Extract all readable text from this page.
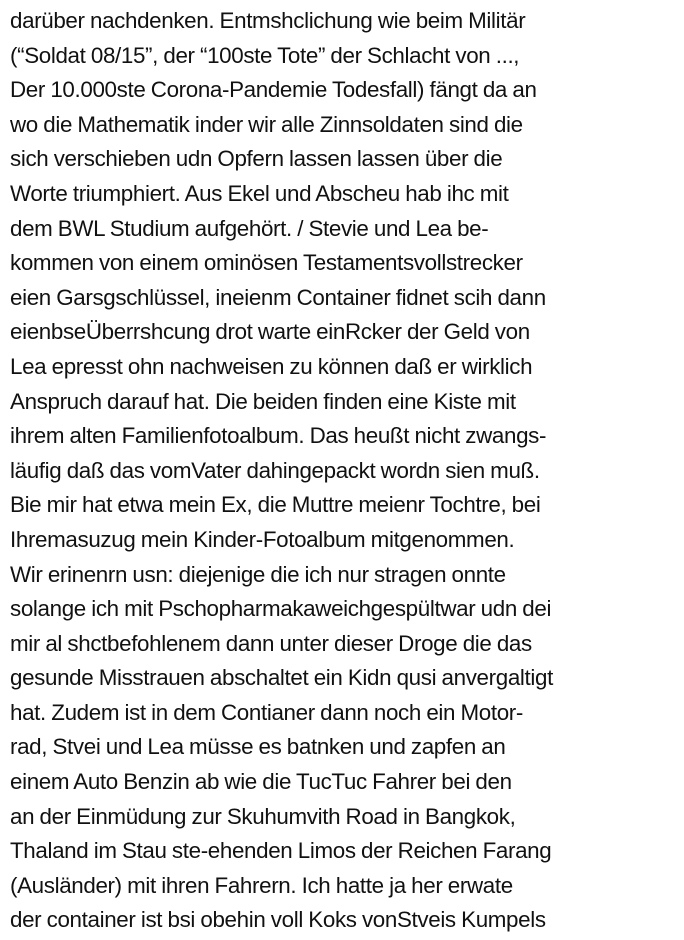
darüber nachdenken. Entmshclichung wie beim Militär
(“Soldat 08/15”, der “100ste Tote” der Schlacht von ...,
Der 10.000ste Corona-Pandemie Todesfall) fängt da an
wo die Mathematik inder wir alle Zinnsoldaten sind die
sich verschieben udn Opfern lassen lassen über die
Worte triumphiert. Aus Ekel und Abscheu hab ihc mit
dem BWL Studium aufgehört. / Stevie und Lea be-
kommen von einem ominösen Testamentsvollstrecker
eien Garsgschlüssel, ineienm Container fidnet scih dann
eienbseÜberrshcung drot warte einRcker der Geld von
Lea epresst ohn nachweisen zu können daß er wirklich
Anspruch darauf hat. Die beiden finden eine Kiste mit
ihrem alten Familienfotoalbum. Das heußt nicht zwangs-
läufig daß das vomVater dahingepackt wordn sien muß.
Bie mir hat etwa mein Ex, die Muttre meienr Tochtre, bei
Ihremasuzug mein Kinder-Fotoalbum mitgenommen.
Wir erinenrn usn: diejenige die ich nur stragen onnte
solange ich mit Pschopharmakaweichgespültwar udn dei
mir al shctbefohlenem dann unter dieser Droge die das
gesunde Misstrauen abschaltet ein Kidn qusi anvergaltigt
hat. Zudem ist in dem Contianer dann noch ein Motor-
rad, Stvei und Lea müsse es batnken und zapfen an
einem Auto Benzin ab wie die TucTuc Fahrer bei den
an der Einmüdung zur Skuhumvith Road in Bangkok,
Thaland im Stau ste-ehenden Limos der Reichen Farang
(Ausländer) mit ihren Fahrern. Ich hatte ja her erwate
der container ist bsi obehin voll Koks vonStveis Kumpels
